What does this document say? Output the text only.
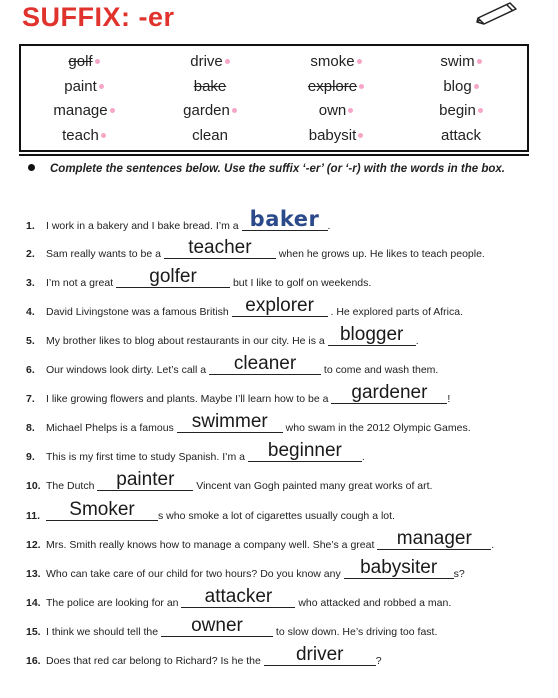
SUFFIX: -er
golf	drive	smoke	swim
paint	bake	explore	blog
manage	garden	own	begin
teach	clean	babysit	attack
Complete the sentences below. Use the suffix ‘-er’ (or ‘-r) with the words in the box.
1. I work in a bakery and I bake bread. I’m a baker .
2. Sam really wants to be a	teacher	when he grows up. He likes to teach people.
3. I’m not a great	golfer	but I like to golf on weekends.
4. David Livingstone was a famous British explorer	. He explored parts of Africa.
5. My brother likes to blog about restaurants in our city. He is a blogger	.
6. Our windows look dirty. Let’s call a	cleaner	to come and wash them.
7. I like growing flowers and plants. Maybe I’ll learn how to be a	gardener	!
8. Michael Phelps is a famous swimmer	who swam in the 2012 Olympic Games.
9. This is my first time to study Spanish. I’m a	beginner	.
10. The Dutch painter	Vincent van Gogh painted many great works of art.
11.	Smoker	s who smoke a lot of cigarettes usually cough a lot.
12. Mrs. Smith really knows how to manage a company well. She’s a great	manager	.
13. Who can take care of our child for two hours? Do you know any babysiter	s?
14. The police are looking for an	attacker	who attacked and robbed a man.
15. I think we should tell the	owner	to slow down. He’s driving too fast.
16. Does that red car belong to Richard? Is he the	driver	?
